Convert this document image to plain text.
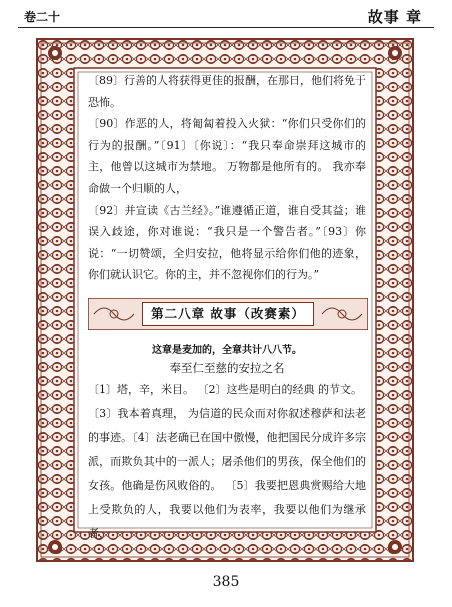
卷二十	故事 章

〔89〕行善的人将获得更佳的报酬，在那日，他们将免于恐怖。

〔90〕作恶的人，将匍匐着投入火狱：“你们只受你们的行为的报酬。”〔91〕〔你说〕：“我只奉命崇拜这城市的主，他曾以这城市为禁地。 万物都是他所有的。 我亦奉命做一个归顺的人，

〔92〕并宣读《古兰经》。”谁遵循正道，谁自受其益；谁误入歧途，你对谁说：“我只是一个警告者。”〔93〕你说：“一切赞颂，全归安拉，他将显示给你们他的迹象，你们就认识它。你的主，并不忽视你们的行为。”

第二八章 故事（改赛素）
这章是麦加的，全章共计八八节。
奉至仁至慈的安拉之名

〔1〕塔，辛，米目。 〔2〕这些是明白的经典 的节文。

〔3〕我本着真理， 为信道的民众而对你叙述穆萨和法老的事迹。〔4〕法老确已在国中傲慢，他把国民分成许多宗派，而欺负其中的一派人；屠杀他们的男孩，保全他们的女孩。他确是伤风败俗的。 〔5〕我要把恩典赏赐给大地上受欺负的人，我要以他们为表率，我要以他们为继承者，

385
